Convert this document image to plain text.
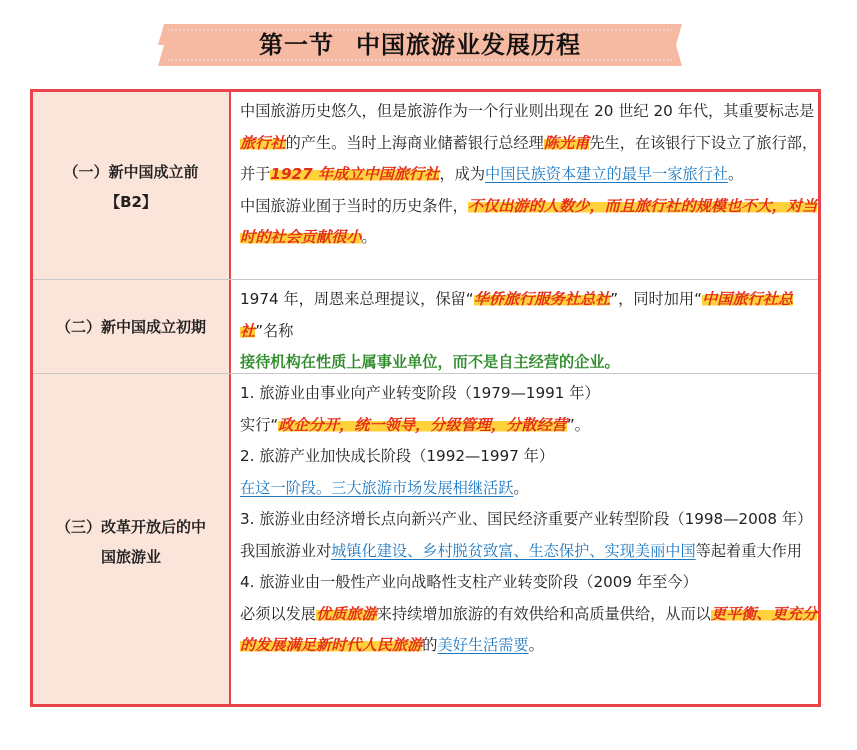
第一节 中国旅游业发展历程
（一）新中国成立前
【B2】

中国旅游历史悠久，但是旅游作为一个行业则出现在 20 世纪 20 年代，其重要标志是旅行社的产生。当时上海商业储蓄银行总经理陈光甫先生，在该银行下设立了旅行部，并于1927 年成立中国旅行社，成为中国民族资本建立的最早一家旅行社。

中国旅游业囿于当时的历史条件，不仅出游的人数少，而且旅行社的规模也不大，对当时的社会贡献很小。

（二）新中国成立初期

1974 年，周恩来总理提议，保留“华侨旅行服务社总社”，同时加用“中国旅行社总社”名称

接待机构在性质上属事业单位，而不是自主经营的企业。

（三）改革开放后的中
国旅游业

1. 旅游业由事业向产业转变阶段（1979—1991 年）

实行“政企分开，统一领导，分级管理，分散经营”。

2. 旅游产业加快成长阶段（1992—1997 年）

在这一阶段。三大旅游市场发展相继活跃。

3. 旅游业由经济增长点向新兴产业、国民经济重要产业转型阶段（1998—2008 年）

我国旅游业对城镇化建设、乡村脱贫致富、生态保护、实现美丽中国等起着重大作用

4. 旅游业由一般性产业向战略性支柱产业转变阶段（2009 年至今）

必须以发展优质旅游来持续增加旅游的有效供给和高质量供给，从而以更平衡、更充分的发展满足新时代人民旅游的美好生活需要。
